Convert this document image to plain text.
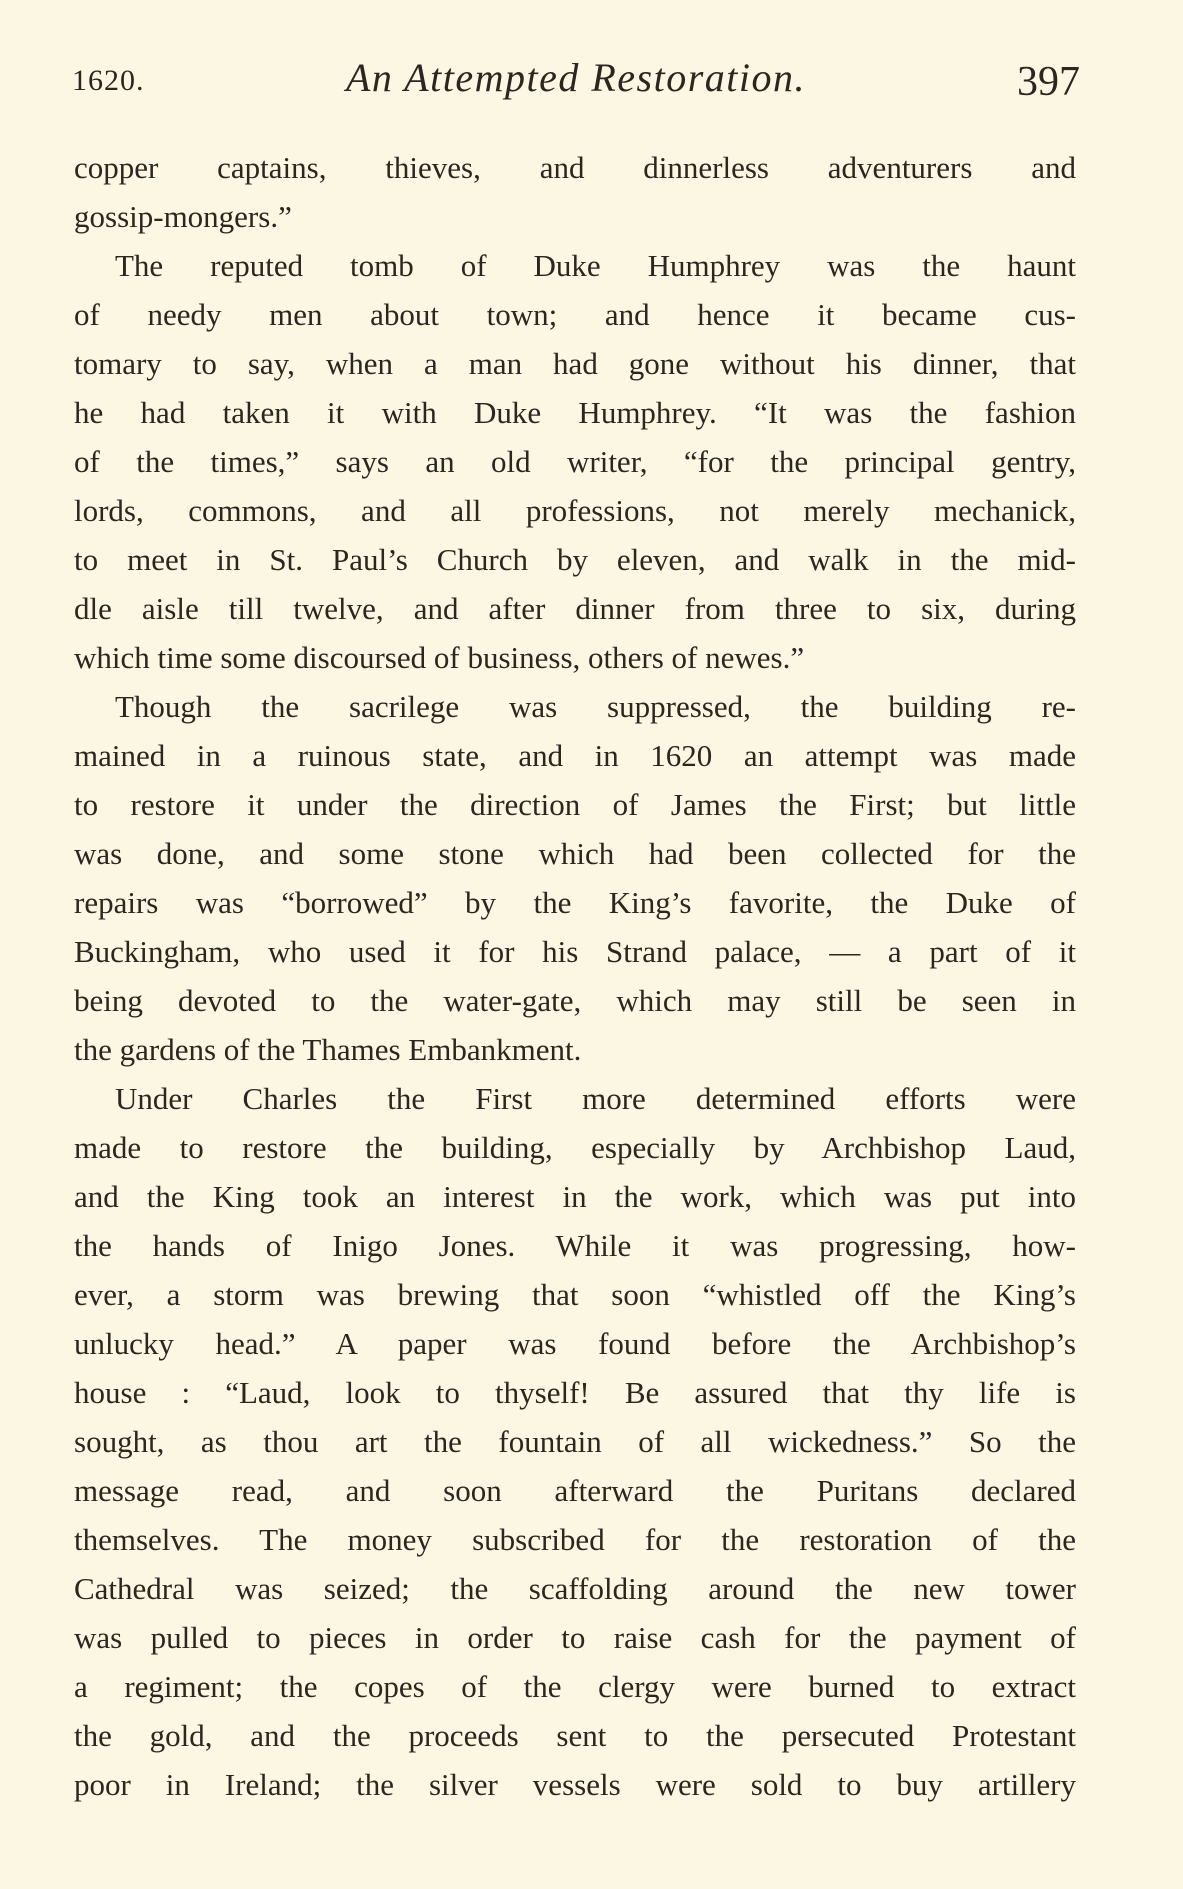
1620.	An Attempted Restoration.	397
copper captains, thieves, and dinnerless adventurers and
gossip-mongers.”
The reputed tomb of Duke Humphrey was the haunt
of needy men about town; and hence it became cus-
tomary to say, when a man had gone without his dinner, that
he had taken it with Duke Humphrey. “It was the fashion
of the times,” says an old writer, “for the principal gentry,
lords, commons, and all professions, not merely mechanick,
to meet in St. Paul’s Church by eleven, and walk in the mid-
dle aisle till twelve, and after dinner from three to six, during
which time some discoursed of business, others of newes.”
Though the sacrilege was suppressed, the building re-
mained in a ruinous state, and in 1620 an attempt was made
to restore it under the direction of James the First; but little
was done, and some stone which had been collected for the
repairs was “borrowed” by the King’s favorite, the Duke of
Buckingham, who used it for his Strand palace, — a part of it
being devoted to the water-gate, which may still be seen in
the gardens of the Thames Embankment.
Under Charles the First more determined efforts were
made to restore the building, especially by Archbishop Laud,
and the King took an interest in the work, which was put into
the hands of Inigo Jones. While it was progressing, how-
ever, a storm was brewing that soon “whistled off the King’s
unlucky head.” A paper was found before the Archbishop’s
house : “Laud, look to thyself! Be assured that thy life is
sought, as thou art the fountain of all wickedness.” So the
message read, and soon afterward the Puritans declared
themselves. The money subscribed for the restoration of the
Cathedral was seized; the scaffolding around the new tower
was pulled to pieces in order to raise cash for the payment of
a regiment; the copes of the clergy were burned to extract
the gold, and the proceeds sent to the persecuted Protestant
poor in Ireland; the silver vessels were sold to buy artillery
